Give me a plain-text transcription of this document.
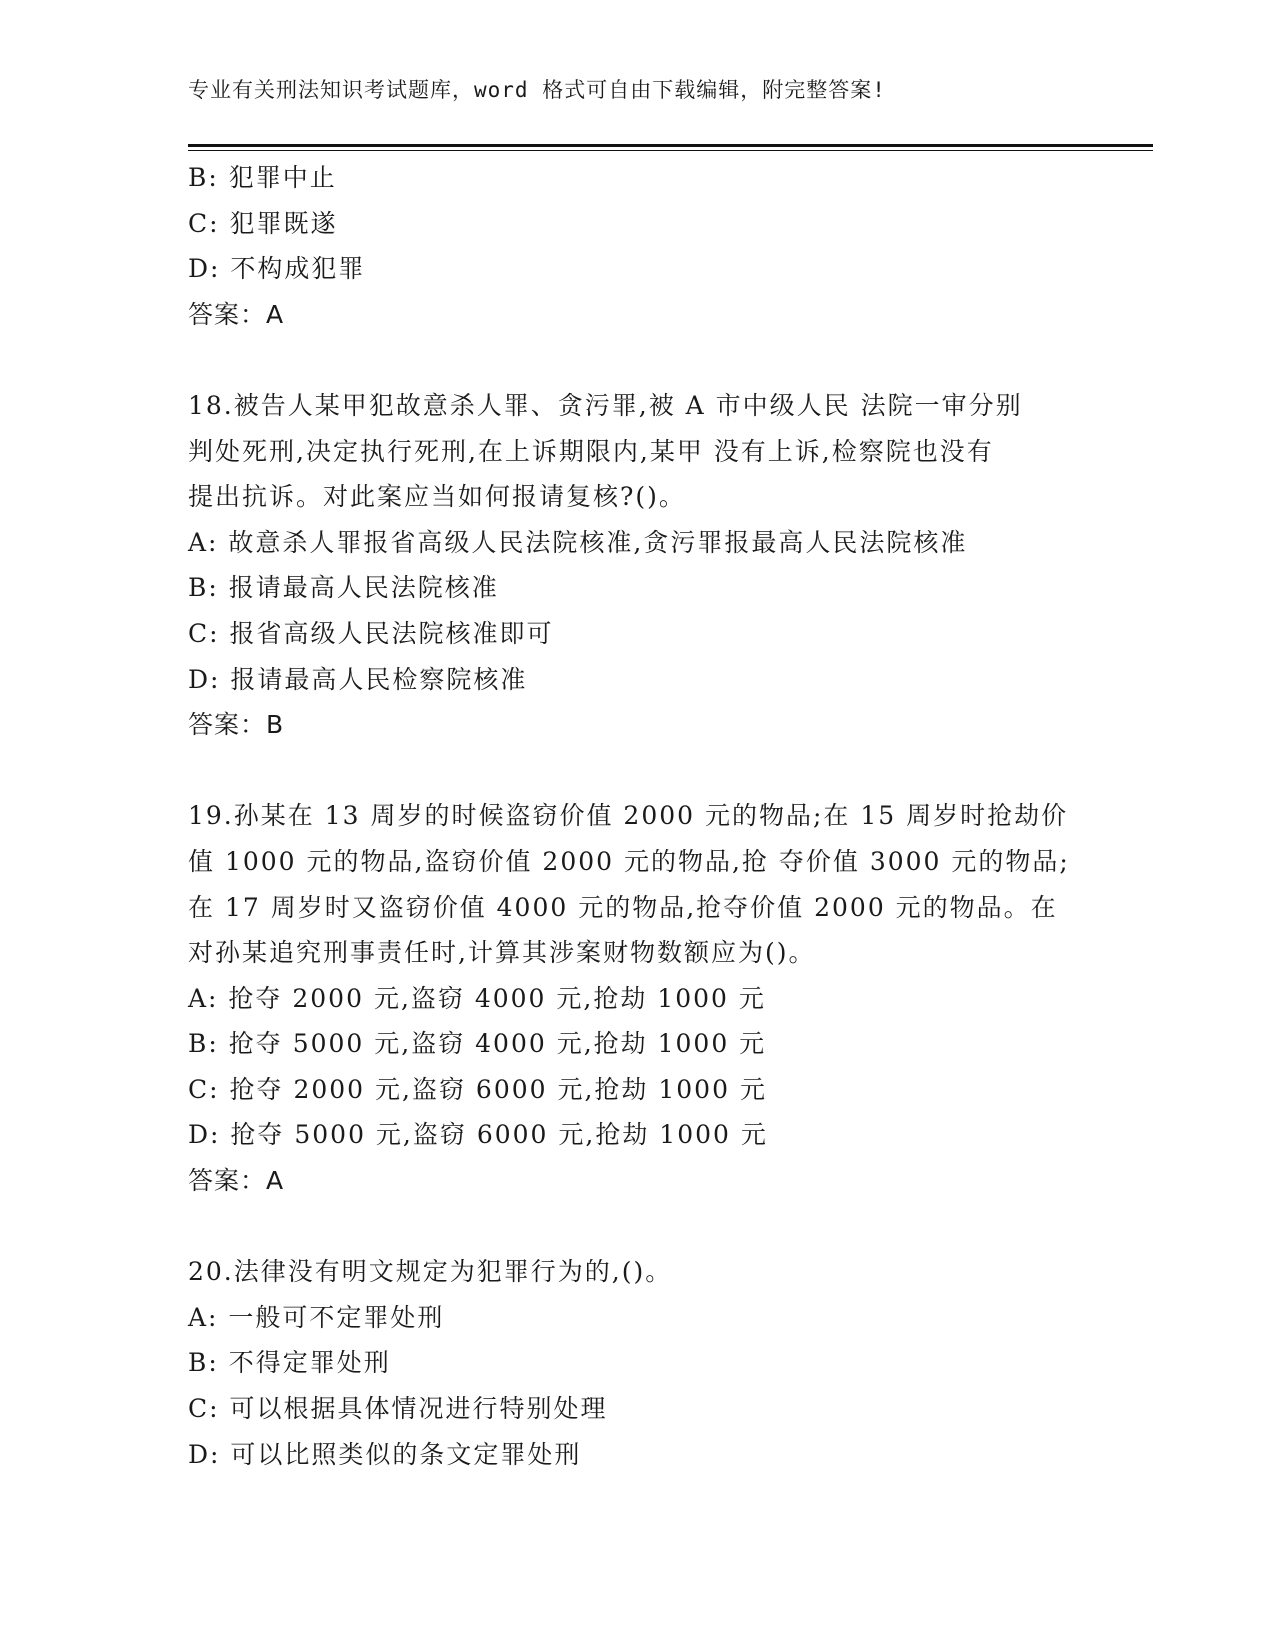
专业有关刑法知识考试题库，word 格式可自由下载编辑，附完整答案!
B: 犯罪中止
C: 犯罪既遂
D: 不构成犯罪
答案：A
18.被告人某甲犯故意杀人罪、贪污罪,被 A 市中级人民 法院一审分别
判处死刑,决定执行死刑,在上诉期限内,某甲 没有上诉,检察院也没有
提出抗诉。对此案应当如何报请复核?()。
A: 故意杀人罪报省高级人民法院核准,贪污罪报最高人民法院核准
B: 报请最高人民法院核准
C: 报省高级人民法院核准即可
D: 报请最高人民检察院核准
答案：B
19.孙某在 13 周岁的时候盗窃价值 2000 元的物品;在 15 周岁时抢劫价
值 1000 元的物品,盗窃价值 2000 元的物品,抢 夺价值 3000 元的物品;
在 17 周岁时又盗窃价值 4000 元的物品,抢夺价值 2000 元的物品。在
对孙某追究刑事责任时,计算其涉案财物数额应为()。
A: 抢夺 2000 元,盗窃 4000 元,抢劫 1000 元
B: 抢夺 5000 元,盗窃 4000 元,抢劫 1000 元
C: 抢夺 2000 元,盗窃 6000 元,抢劫 1000 元
D: 抢夺 5000 元,盗窃 6000 元,抢劫 1000 元
答案：A
20.法律没有明文规定为犯罪行为的,()。
A: 一般可不定罪处刑
B: 不得定罪处刑
C: 可以根据具体情况进行特别处理
D: 可以比照类似的条文定罪处刑
